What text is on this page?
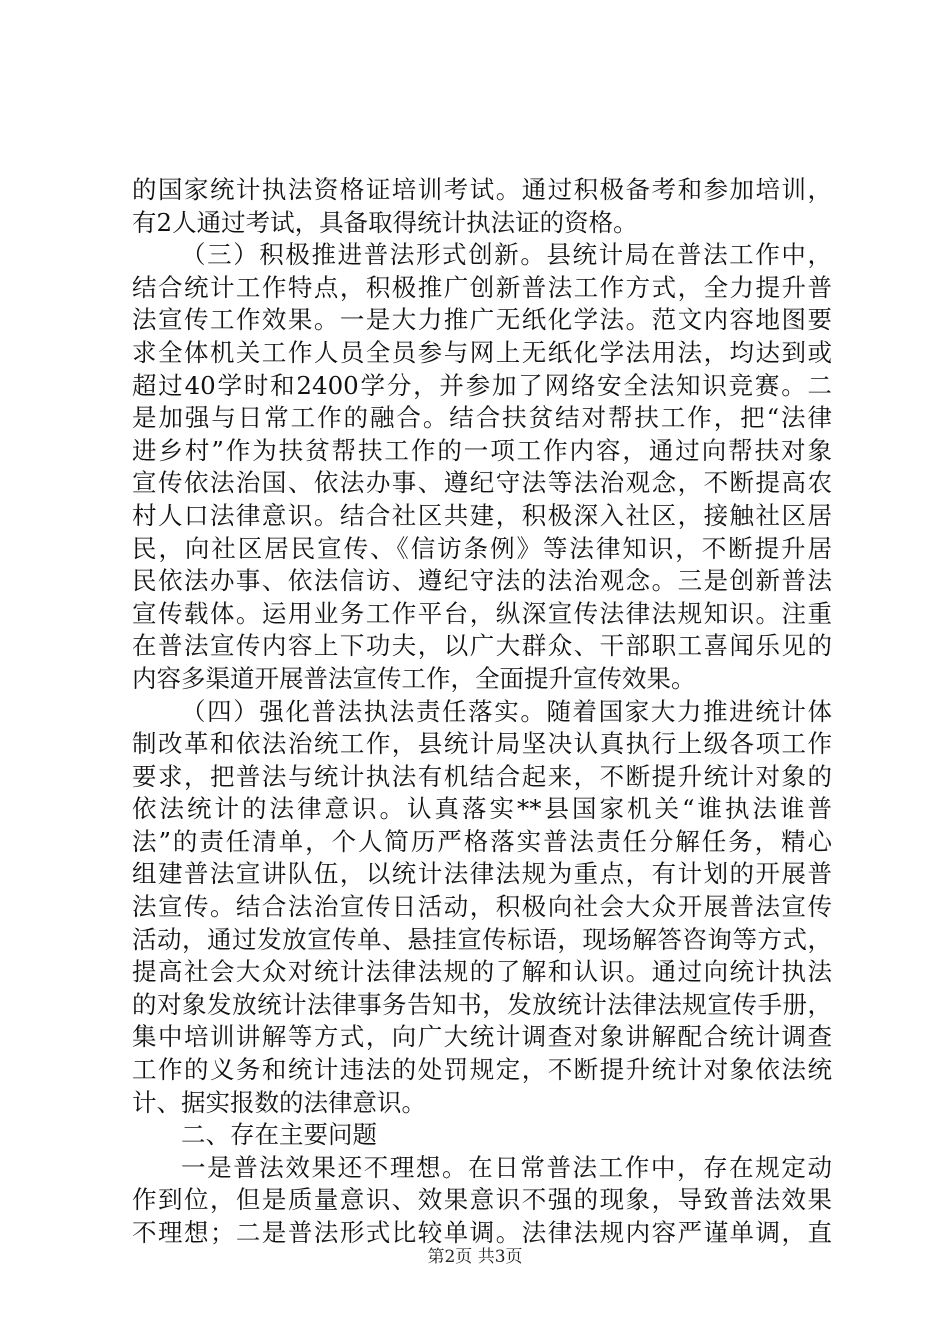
的国家统计执法资格证培训考试。通过积极备考和参加培训，
有2人通过考试，具备取得统计执法证的资格。
（三）积极推进普法形式创新。县统计局在普法工作中，
结合统计工作特点，积极推广创新普法工作方式，全力提升普
法宣传工作效果。一是大力推广无纸化学法。范文内容地图要
求全体机关工作人员全员参与网上无纸化学法用法，均达到或
超过40学时和2400学分，并参加了网络安全法知识竞赛。二
是加强与日常工作的融合。结合扶贫结对帮扶工作，把“法律
进乡村”作为扶贫帮扶工作的一项工作内容，通过向帮扶对象
宣传依法治国、依法办事、遵纪守法等法治观念，不断提高农
村人口法律意识。结合社区共建，积极深入社区，接触社区居
民，向社区居民宣传、《信访条例》等法律知识，不断提升居
民依法办事、依法信访、遵纪守法的法治观念。三是创新普法
宣传载体。运用业务工作平台，纵深宣传法律法规知识。注重
在普法宣传内容上下功夫，以广大群众、干部职工喜闻乐见的
内容多渠道开展普法宣传工作，全面提升宣传效果。
（四）强化普法执法责任落实。随着国家大力推进统计体
制改革和依法治统工作，县统计局坚决认真执行上级各项工作
要求，把普法与统计执法有机结合起来，不断提升统计对象的
依法统计的法律意识。认真落实**县国家机关“谁执法谁普
法”的责任清单，个人简历严格落实普法责任分解任务，精心
组建普法宣讲队伍，以统计法律法规为重点，有计划的开展普
法宣传。结合法治宣传日活动，积极向社会大众开展普法宣传
活动，通过发放宣传单、悬挂宣传标语，现场解答咨询等方式，
提高社会大众对统计法律法规的了解和认识。通过向统计执法
的对象发放统计法律事务告知书，发放统计法律法规宣传手册，
集中培训讲解等方式，向广大统计调查对象讲解配合统计调查
工作的义务和统计违法的处罚规定，不断提升统计对象依法统
计、据实报数的法律意识。
二、存在主要问题
一是普法效果还不理想。在日常普法工作中，存在规定动
作到位，但是质量意识、效果意识不强的现象，导致普法效果
不理想；二是普法形式比较单调。法律法规内容严谨单调，直
第2页 共3页
